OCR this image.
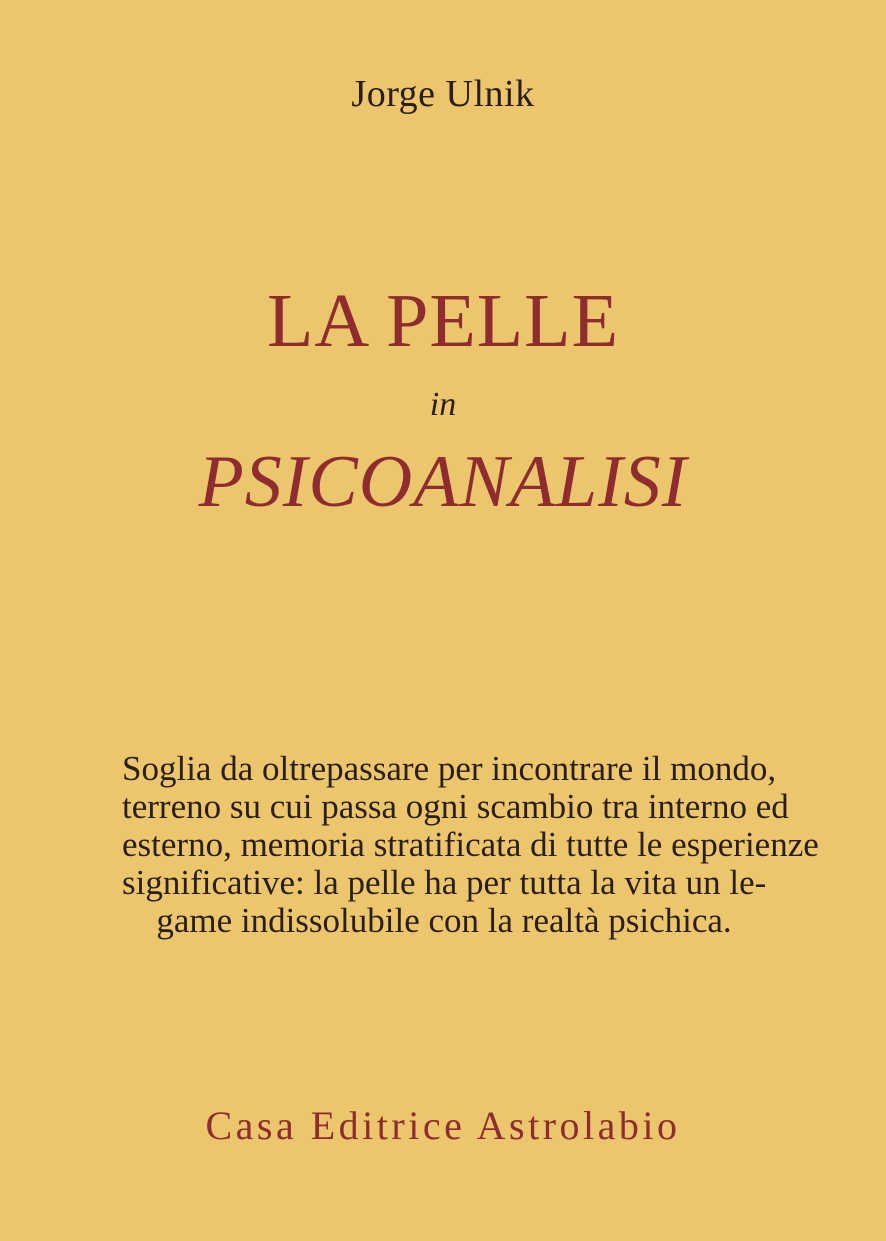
Jorge Ulnik
LA PELLE
in
PSICOANALISI
Soglia da oltrepassare per incontrare il mondo,
terreno su cui passa ogni scambio tra interno ed
esterno, memoria stratificata di tutte le esperienze
significative: la pelle ha per tutta la vita un le-
game indissolubile con la realtà psichica.
Casa Editrice Astrolabio
